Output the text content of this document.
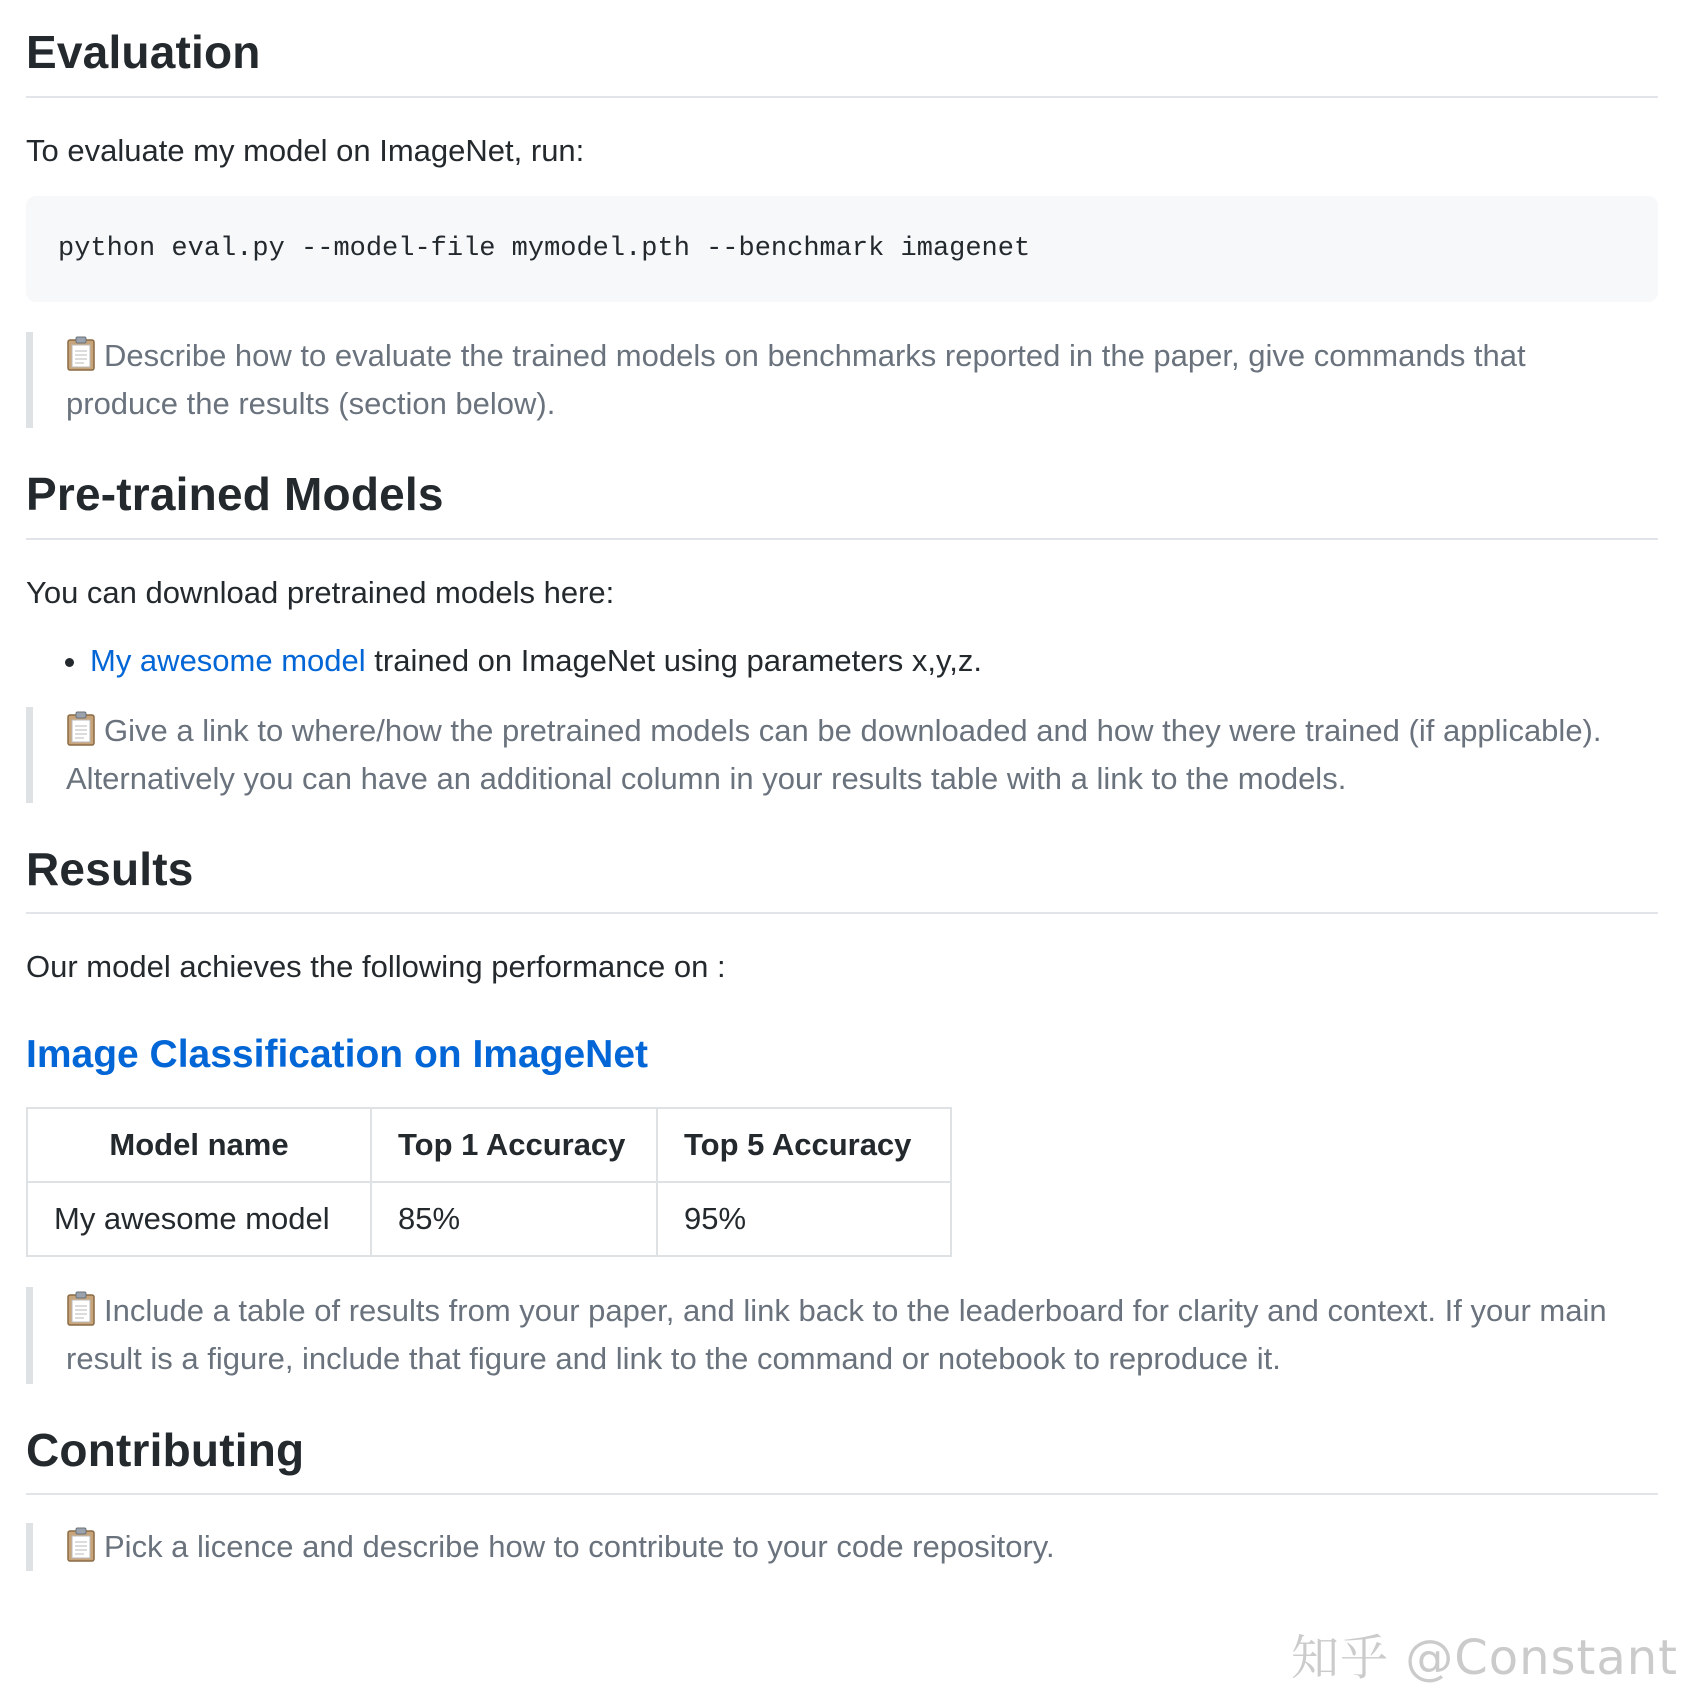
Evaluation

To evaluate my model on ImageNet, run:

python eval.py --model-file mymodel.pth --benchmark imagenet
Describe how to evaluate the trained models on benchmarks reported in the paper, give commands that produce the results (section below).
Pre-trained Models

You can download pretrained models here:

• My awesome model trained on ImageNet using parameters x,y,z.
Give a link to where/how the pretrained models can be downloaded and how they were trained (if applicable). Alternatively you can have an additional column in your results table with a link to the models.
Results

Our model achieves the following performance on :

Image Classification on ImageNet
Model name	Top 1 Accuracy	Top 5 Accuracy
My awesome model	85%	95%
Include a table of results from your paper, and link back to the leaderboard for clarity and context. If your main result is a figure, include that figure and link to the command or notebook to reproduce it.
Contributing
Pick a licence and describe how to contribute to your code repository.
知乎 @Constant
